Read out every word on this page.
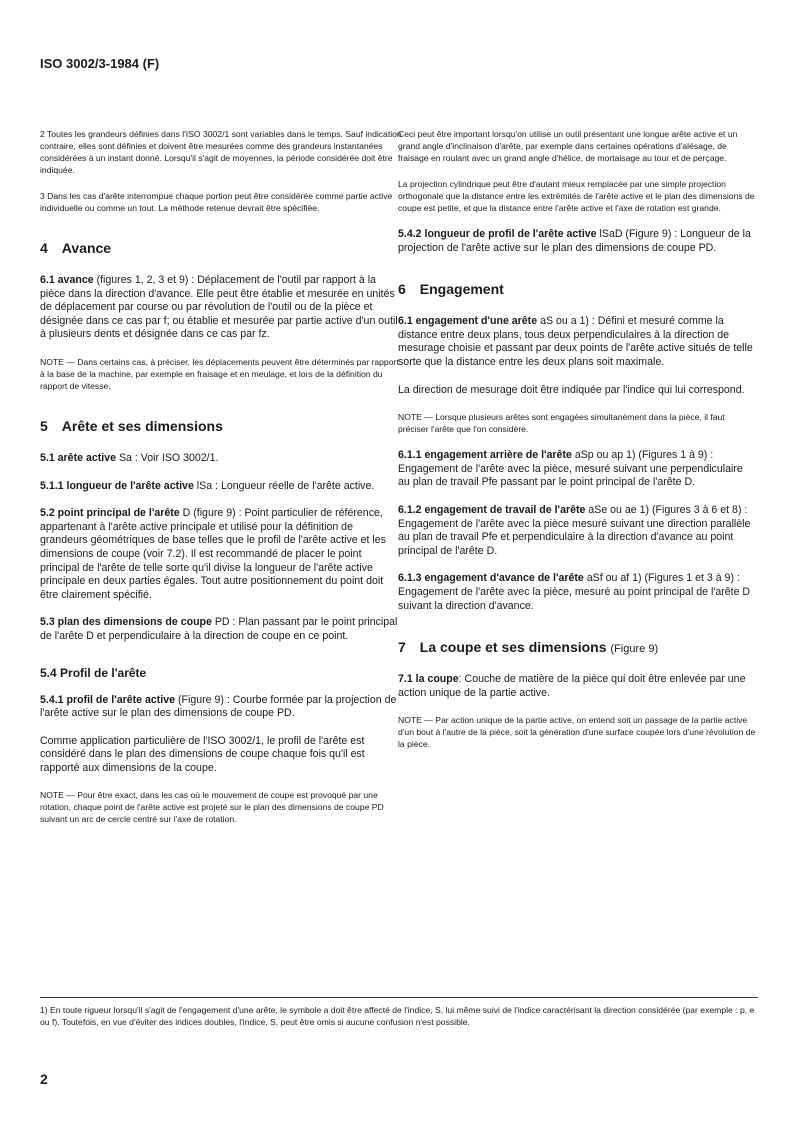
ISO 3002/3-1984 (F)

2 Toutes les grandeurs définies dans l'ISO 3002/1 sont variables dans le temps. Sauf indication contraire, elles sont définies et doivent être mesurées comme des grandeurs instantanées considérées à un instant donné. Lorsqu'il s'agit de moyennes, la période considérée doit être indiquée.

3 Dans les cas d'arête interrompue chaque portion peut être considérée comme partie active individuelle ou comme un tout. La méthode retenue devrait être spécifiée.

4 Avance

6.1 avance (figures 1, 2, 3 et 9) : Déplacement de l'outil par rapport à la pièce dans la direction d'avance. Elle peut être établie et mesurée en unités de déplacement par course ou par révolution de l'outil ou de la pièce et désignée dans ce cas par f; ou établie et mesurée par partie active d'un outil à plusieurs dents et désignée dans ce cas par fz.

NOTE — Dans certains cas, à préciser, les déplacements peuvent être déterminés par rapport à la base de la machine, par exemple en fraisage et en meulage, et lors de la définition du rapport de vitesse.

5 Arête et ses dimensions

5.1 arête active Sa : Voir ISO 3002/1.

5.1.1 longueur de l'arête active lSa : Longueur réelle de l'arête active.

5.2 point principal de l'arête D (figure 9) : Point particulier de référence, appartenant à l'arête active principale et utilisé pour la définition de grandeurs géométriques de base telles que le profil de l'arête active et les dimensions de coupe (voir 7.2). Il est recommandé de placer le point principal de l'arête de telle sorte qu'il divise la longueur de l'arête active principale en deux parties égales. Tout autre positionnement du point doit être clairement spécifié.

5.3 plan des dimensions de coupe PD : Plan passant par le point principal de l'arête D et perpendiculaire à la direction de coupe en ce point.

5.4 Profil de l'arête

5.4.1 profil de l'arête active (Figure 9) : Courbe formée par la projection de l'arête active sur le plan des dimensions de coupe PD.

Comme application particulière de l'ISO 3002/1, le profil de l'arête est considéré dans le plan des dimensions de coupe chaque fois qu'il est rapporté aux dimensions de la coupe.

NOTE — Pour être exact, dans les cas où le mouvement de coupe est provoqué par une rotation, chaque point de l'arête active est projeté sur le plan des dimensions de coupe PD suivant un arc de cercle centré sur l'axe de rotation.

Ceci peut être important lorsqu'on utilise un outil présentant une longue arête active et un grand angle d'inclinaison d'arête, par exemple dans certaines opérations d'alésage, de fraisage en roulant avec un grand angle d'hélice, de mortaisage au tour et de perçage.

La projection cylindrique peut être d'autant mieux remplacée par une simple projection orthogonale que la distance entre les extrémités de l'arête active et le plan des dimensions de coupe est petite, et que la distance entre l'arête active et l'axe de rotation est grande.

5.4.2 longueur de profil de l'arête active lSaD (Figure 9) : Longueur de la projection de l'arête active sur le plan des dimensions de coupe PD.

6 Engagement

6.1 engagement d'une arête aS ou a 1) : Défini et mesuré comme la distance entre deux plans, tous deux perpendiculaires à la direction de mesurage choisie et passant par deux points de l'arête active situés de telle sorte que la distance entre les deux plans soit maximale.

La direction de mesurage doit être indiquée par l'indice qui lui correspond.

NOTE — Lorsque plusieurs arêtes sont engagées simultanément dans la pièce, il faut préciser l'arête que l'on considère.

6.1.1 engagement arrière de l'arête aSp ou ap 1) (Figures 1 à 9) : Engagement de l'arête avec la pièce, mesuré suivant une perpendiculaire au plan de travail Pfe passant par le point principal de l'arête D.

6.1.2 engagement de travail de l'arête aSe ou ae 1) (Figures 3 à 6 et 8) : Engagement de l'arête avec la pièce mesuré suivant une direction parallèle au plan de travail Pfe et perpendiculaire à la direction d'avance au point principal de l'arête D.

6.1.3 engagement d'avance de l'arête aSf ou af 1) (Figures 1 et 3 à 9) : Engagement de l'arête avec la pièce, mesuré au point principal de l'arête D suivant la direction d'avance.

7 La coupe et ses dimensions (Figure 9)

7.1 la coupe: Couche de matière de la pièce qui doit être enlevée par une action unique de la partie active.

NOTE — Par action unique de la partie active, on entend soit un passage de la partie active d'un bout à l'autre de la pièce, soit la génération d'une surface coupée lors d'une révolution de la pièce.

1) En toute rigueur lorsqu'il s'agit de l'engagement d'une arête, le symbole a doit être affecté de l'indice, S, lui même suivi de l'indice caractérisant la direction considérée (par exemple : p, e ou f). Toutefois, en vue d'éviter des indices doubles, l'indice, S, peut être omis si aucune confusion n'est possible.
2
